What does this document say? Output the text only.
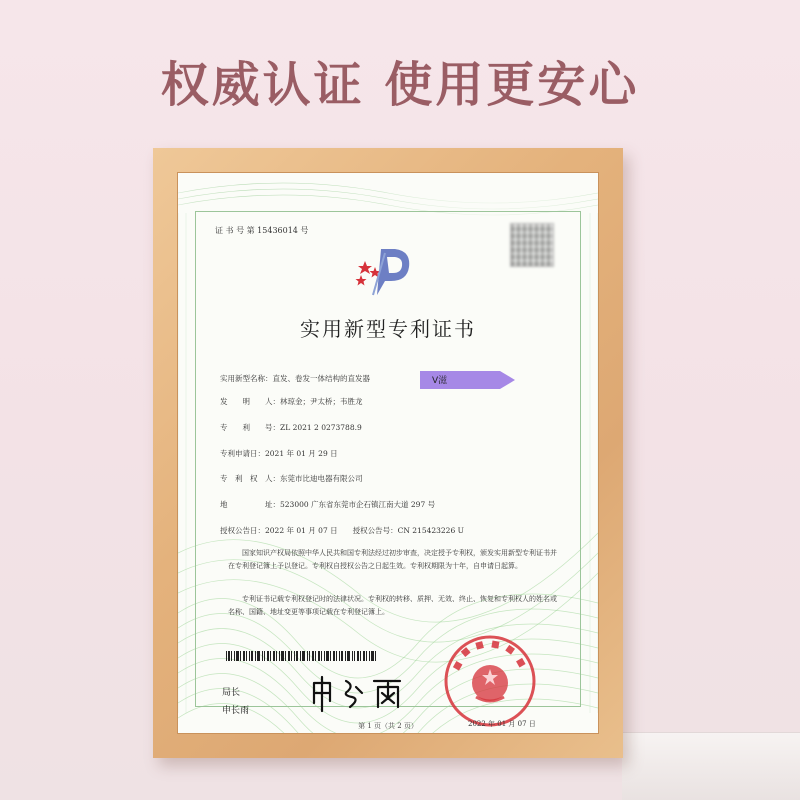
权威认证 使用更安心
证 书 号 第 15436014 号
实用新型专利证书
实用新型名称：直发、卷发一体结构的直发器
发　　明　　人：林琼金；尹太桥；韦胜龙
专　　利　　号：ZL 2021 2 0273788.9
专利申请日：2021 年 01 月 29 日
专　利　权　人：东莞市比迪电器有限公司
地　　　　　址：523000 广东省东莞市企石镇江南大道 297 号
授权公告日：2022 年 01 月 07 日　　授权公告号：CN 215423226 U
V滋
国家知识产权局依照中华人民共和国专利法经过初步审查，决定授予专利权，颁发实用新型专利证书并在专利登记簿上予以登记。专利权自授权公告之日起生效。专利权期限为十年，自申请日起算。
专利证书记载专利权登记时的法律状况。专利权的转移、质押、无效、终止、恢复和专利权人的姓名或名称、国籍、地址变更等事项记载在专利登记簿上。
局长
申长雨
2022 年 01 月 07 日
第 1 页（共 2 页）
